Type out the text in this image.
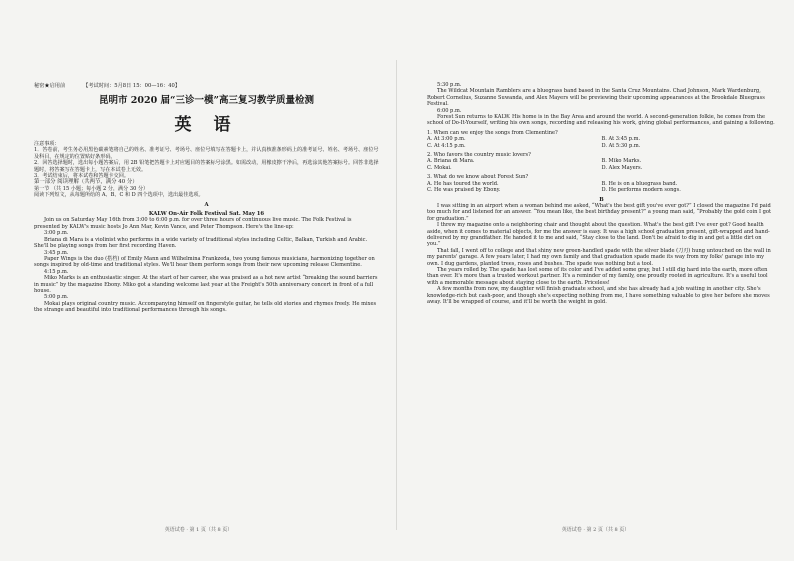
秘密★启用前	【考试时间：5月8日 15：00—16：40】
昆明市 2020 届“三诊一模”高三复习教学质量检测
英 语

注意事项：

1．答卷前，考生务必用黑色碳素笔将自己的姓名、准考证号、考场号、座位号填写在答题卡上，并认真核准条形码上的准考证号、姓名、考场号、座位号及科目，在规定的位置贴好条形码。

2．回答选择题时，选出每小题答案后，用 2B 铅笔把答题卡上对应题目的答案标号涂黑。如需改动，用橡皮擦干净后，再选涂其他答案标号。回答非选择题时，将答案写在答题卡上，写在本试卷上无效。

3．考试结束后，将本试卷和答题卡交回。

第一部分 阅读理解（共两节，满分 40 分）

第一节 （共 15 小题；每小题 2 分，满分 30 分）

阅读下列短文，从每题所给的 A、B、C 和 D 四个选项中，选出最佳选项。

A
KALW On-Air Folk Festival Sat. May 16

Join us on Saturday May 16th from 3:00 to 6:00 p.m. for over three hours of continuous live music. The Folk Festival is presented by KALW's music hosts Jo Ann Mar, Kevin Vance, and Peter Thompson. Here's the line-up:

3:00 p.m.

Briana di Mara is a violinist who performs in a wide variety of traditional styles including Celtic, Balkan, Turkish and Arabic. She'll be playing songs from her first recording Haven.

3:45 p.m.

Paper Wings is the duo (搭档) of Emily Mann and Wilhelmina Frankzeda, two young famous musicians, harmonizing together on songs inspired by old-time and traditional styles. We'll hear them perform songs from their new upcoming release Clementine.

4:15 p.m.

Miko Marks is an enthusiastic singer. At the start of her career, she was praised as a hot new artist “breaking the sound barriers in music” by the magazine Ebony. Miko got a standing welcome last year at the Freight's 50th anniversary concert in front of a full house.

5:00 p.m.

Mokai plays original country music. Accompanying himself on fingerstyle guitar, he tells old stories and rhymes freely. He mixes the strange and beautiful into traditional performances through his songs.

英语试卷 · 第 1 页（共 8 页）

5:30 p.m.

The Wildcat Mountain Ramblers are a bluegrass band based in the Santa Cruz Mountains. Chad Johnson, Mark Wardenburg, Robert Cornelius, Suzanne Suwanda, and Alex Mayers will be previewing their upcoming appearances at the Brookdale Bluegrass Festival.

6:00 p.m.

Forest Sun returns to KALW. His home is in the Bay Area and around the world. A second-generation folkie, he comes from the school of Do-It-Yourself, writing his own songs, recording and releasing his work, giving global performances, and gaining a following.

1. When can we enjoy the songs from Clementine?
A. At 3:00 p.m.	B. At 3:45 p.m.
C. At 4:15 p.m.	D. At 5:30 p.m.
2. Who favors the country music lovers?
A. Briana di Mara.	B. Miko Marks.
C. Mokai.	D. Alex Mayers.
3. What do we know about Forest Sun?
A. He has toured the world.	B. He is on a bluegrass band.
C. He was praised by Ebony.	D. He performs modern songs.
B

I was sitting in an airport when a woman behind me asked, “What's the best gift you've ever got?” I closed the magazine I'd paid too much for and listened for an answer. “You mean like, the best birthday present?” a young man said, “Probably the gold coin I got for graduation.”

I threw my magazine onto a neighboring chair and thought about the question. What's the best gift I've ever got? Good health aside, when it comes to material objects, for me the answer is easy. It was a high school graduation present, gift-wrapped and hand-delivered by my grandfather. He handed it to me and said, “Stay close to the land. Don't be afraid to dig in and get a little dirt on you.”

That fall, I went off to college and that shiny new green-handled spade with the silver blade (刀刃) hung untouched on the wall in my parents' garage. A few years later, I had my own family and that graduation spade made its way from my folks' garage into my own. I dug gardens, planted trees, roses and bushes. The spade was nothing but a tool.

The years rolled by. The spade has lost some of its color and I've added some gray, but I still dig hard into the earth, more often than ever. It's more than a trusted workout partner. It's a reminder of my family, one proudly rooted in agriculture. It's a useful tool with a memorable message about staying close to the earth. Priceless!

A few months from now, my daughter will finish graduate school, and she has already had a job waiting in another city. She's knowledge-rich but cash-poor, and though she's expecting nothing from me, I have something valuable to give her before she moves away. It'll be wrapped of course, and it'll be worth the weight in gold.

英语试卷 · 第 2 页（共 8 页）
